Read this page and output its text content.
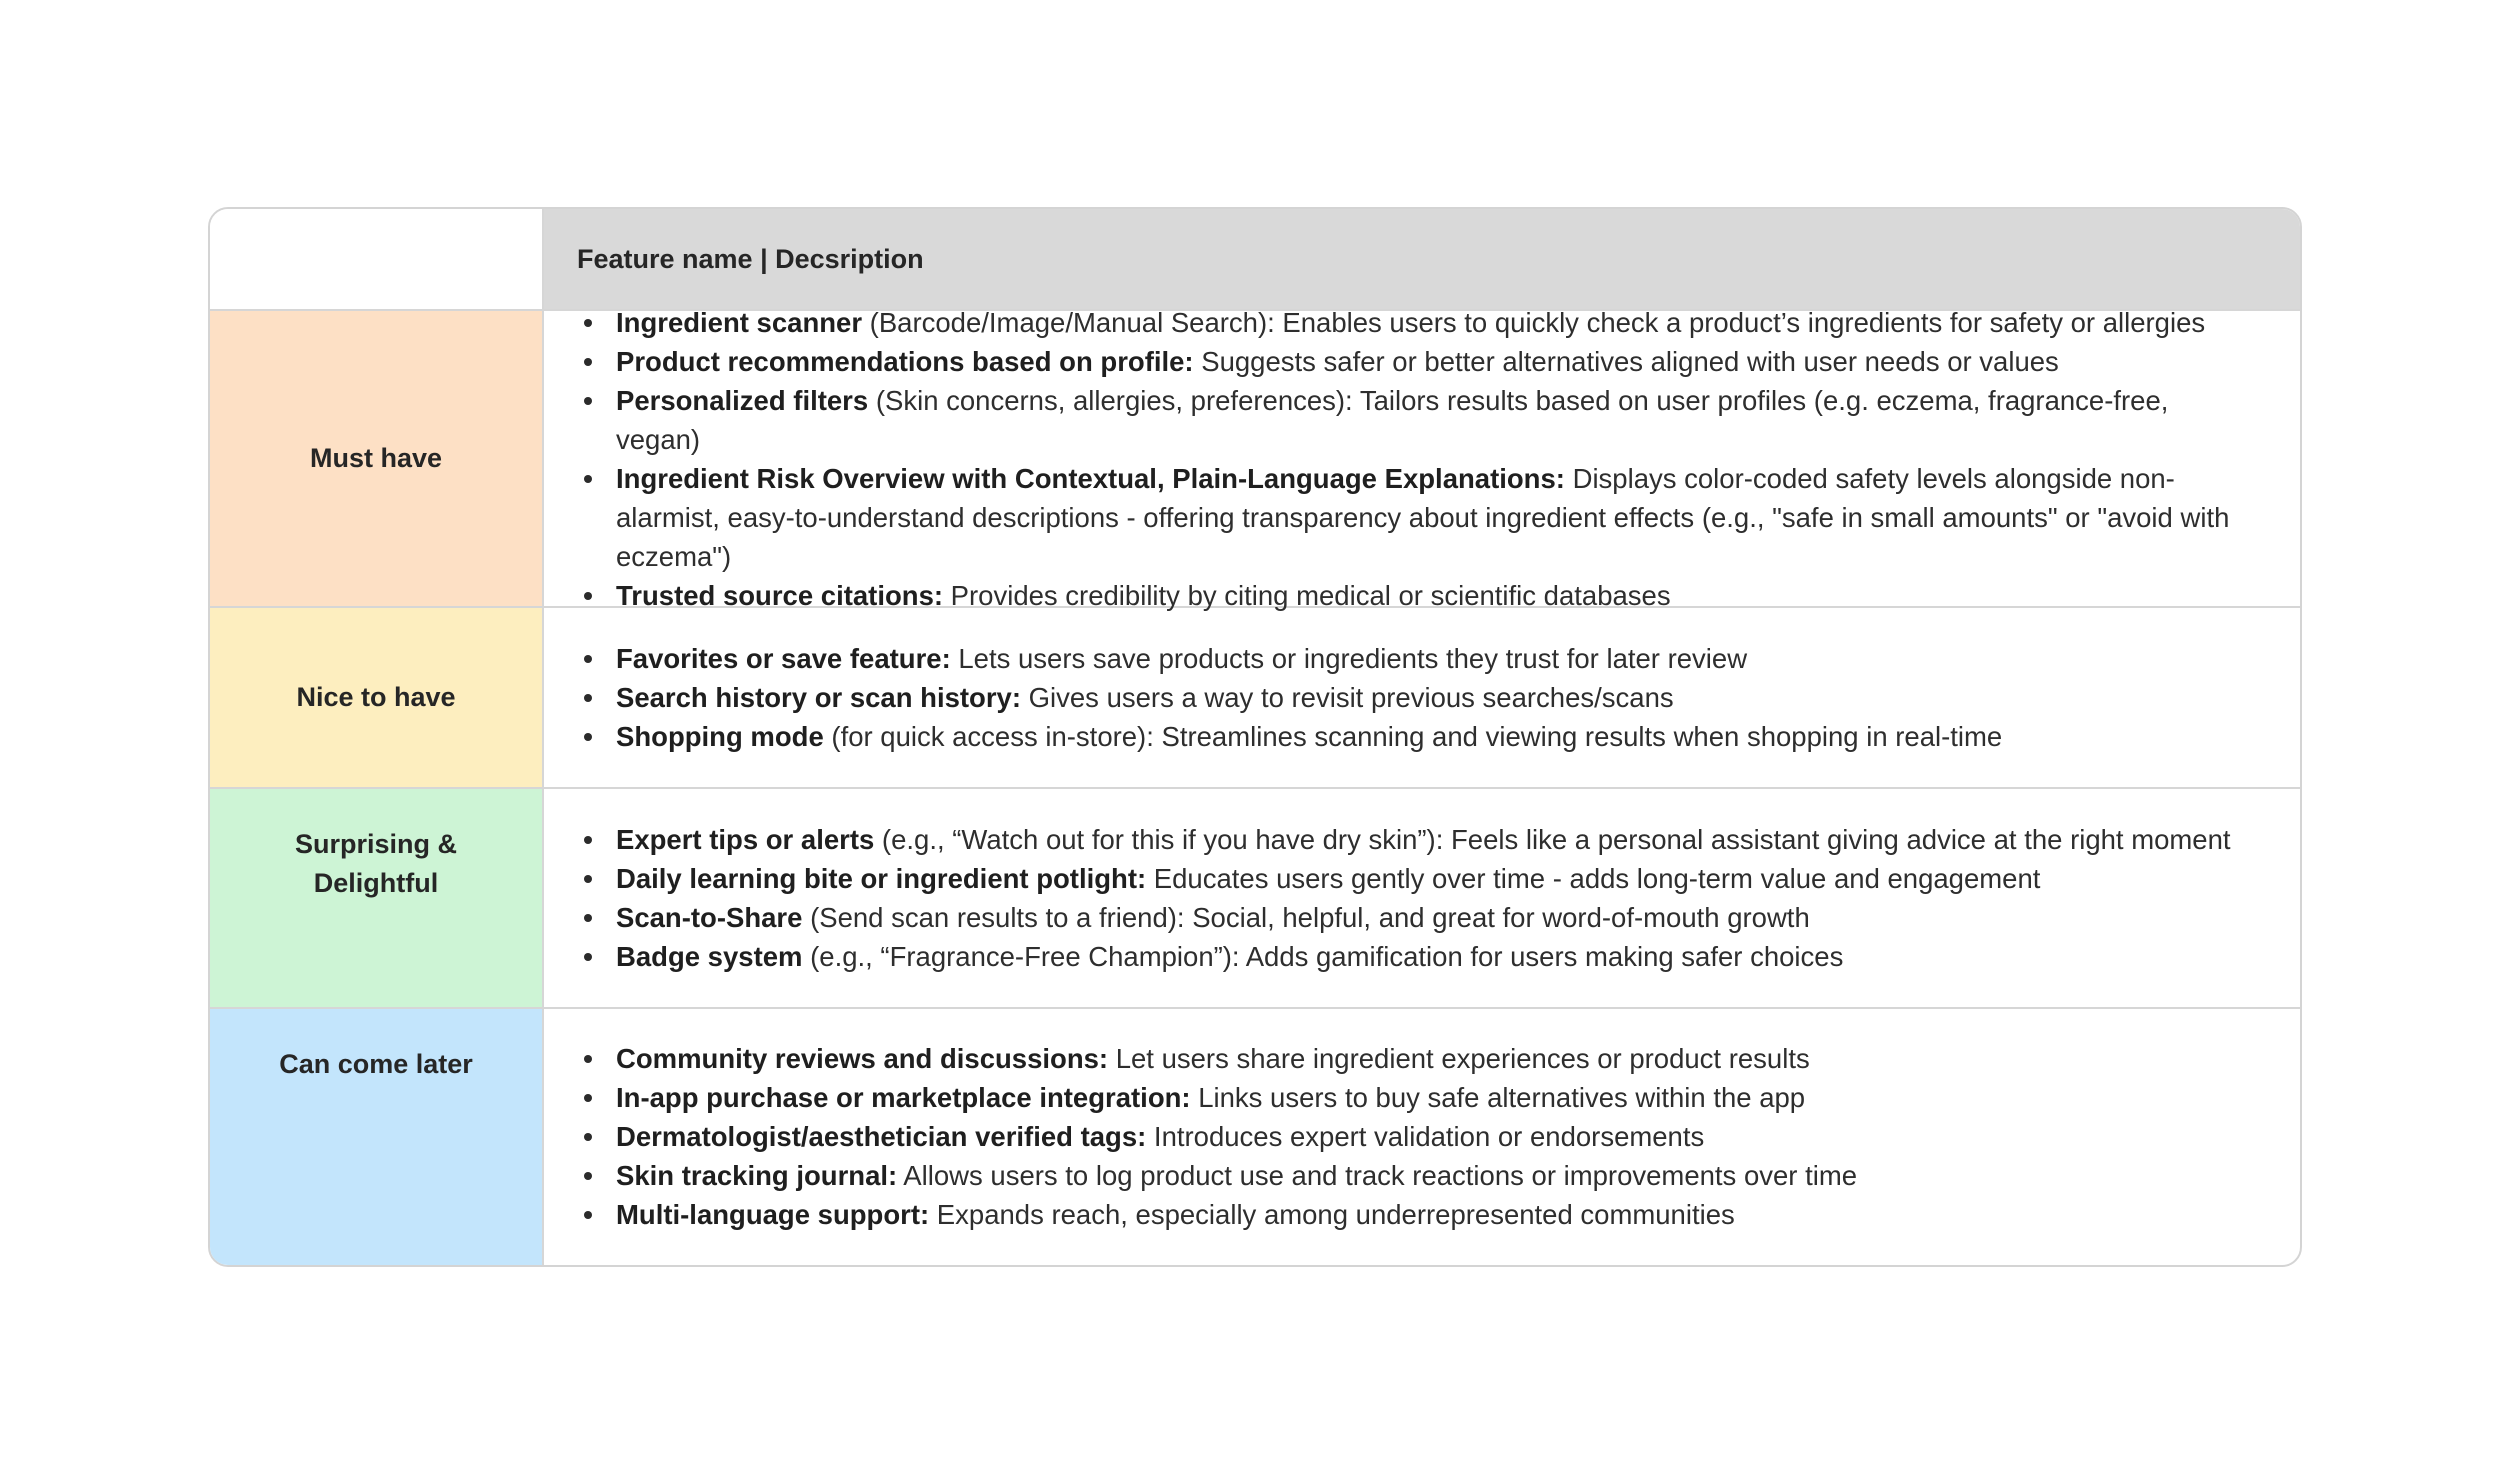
Feature name | Decsription
Must have
Ingredient scanner (Barcode/Image/Manual Search): Enables users to quickly check a product’s ingredients for safety or allergies
Product recommendations based on profile: Suggests safer or better alternatives aligned with user needs or values
Personalized filters (Skin concerns, allergies, preferences): Tailors results based on user profiles (e.g. eczema, fragrance-free, vegan)
Ingredient Risk Overview with Contextual, Plain-Language Explanations: Displays color-coded safety levels alongside non-alarmist, easy-to-understand descriptions - offering transparency about ingredient effects (e.g., "safe in small amounts" or "avoid with eczema")
Trusted source citations: Provides credibility by citing medical or scientific databases
Nice to have
Favorites or save feature: Lets users save products or ingredients they trust for later review
Search history or scan history: Gives users a way to revisit previous searches/scans
Shopping mode (for quick access in-store): Streamlines scanning and viewing results when shopping in real-time
Surprising & Delightful
Expert tips or alerts (e.g., “Watch out for this if you have dry skin”): Feels like a personal assistant giving advice at the right moment
Daily learning bite or ingredient potlight: Educates users gently over time - adds long-term value and engagement
Scan-to-Share (Send scan results to a friend): Social, helpful, and great for word-of-mouth growth
Badge system (e.g., “Fragrance-Free Champion”): Adds gamification for users making safer choices
Can come later	Community reviews and discussions: Let users share ingredient experiences or product results
In-app purchase or marketplace integration: Links users to buy safe alternatives within the app
Dermatologist/aesthetician verified tags: Introduces expert validation or endorsements
Skin tracking journal: Allows users to log product use and track reactions or improvements over time
Multi-language support: Expands reach, especially among underrepresented communities
